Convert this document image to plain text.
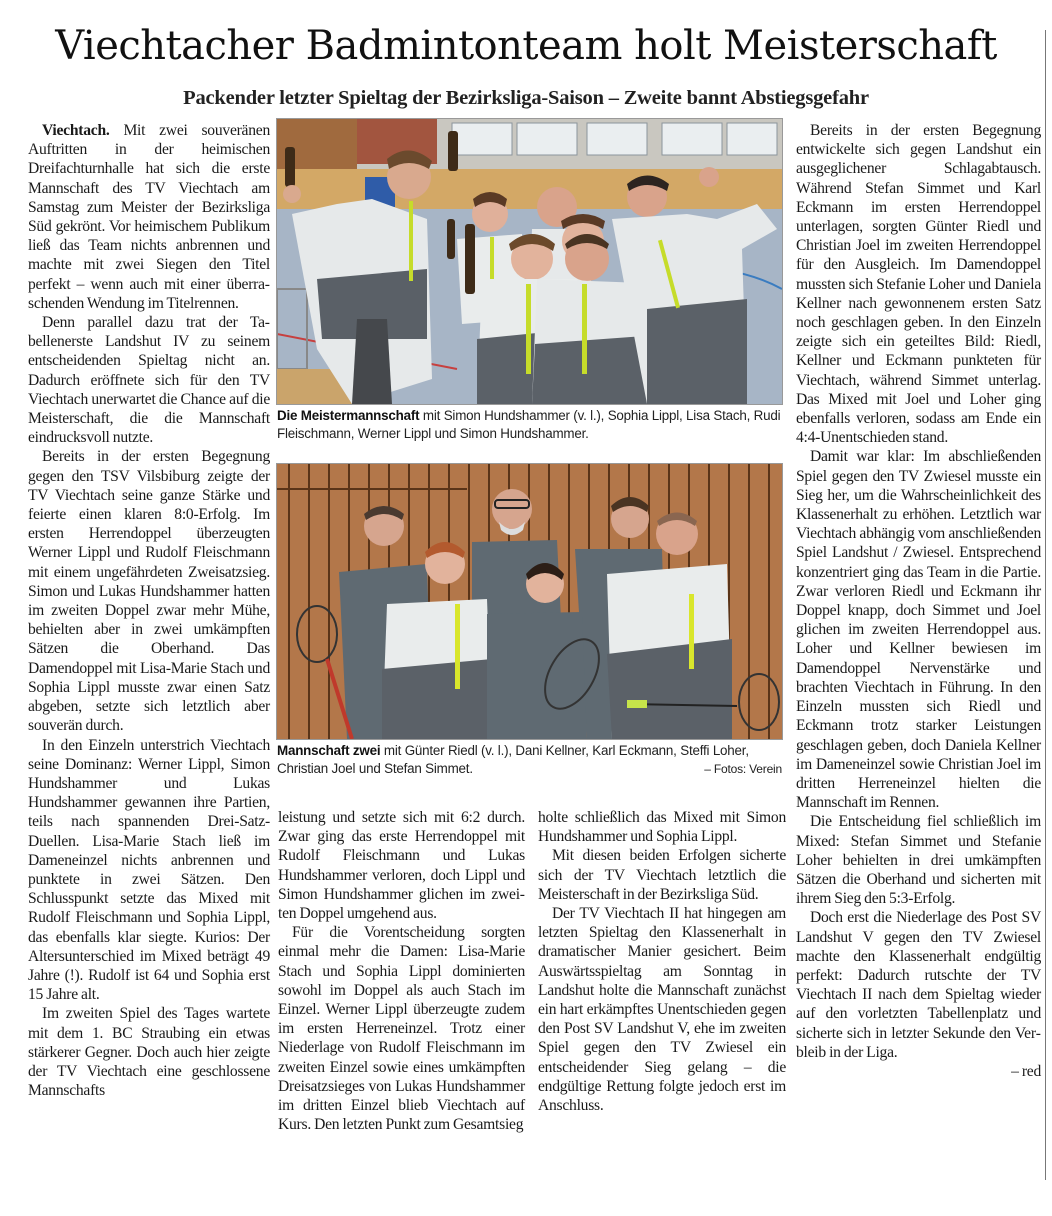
Viechtacher Badmintonteam holt Meisterschaft
Packender letzter Spieltag der Bezirksliga-Saison – Zweite bannt Abstiegsgefahr

Viechtach. Mit zwei souveränen Auftritten in der heimischen Dreifachturnhalle hat sich die erste Mannschaft des TV Viechtach am Samstag zum Meister der Bezirksliga Süd gekrönt. Vor heimischem Publikum ließ das Team nichts anbrennen und machte mit zwei Siegen den Titel perfekt – wenn auch mit einer überraschenden Wendung im Titelrennen.

Denn parallel dazu trat der Tabellenerste Landshut IV zu seinem entscheidenden Spieltag nicht an. Dadurch eröffnete sich für den TV Viechtach unerwartet die Chance auf die Meisterschaft, die die Mannschaft eindrucksvoll nutzte.

Bereits in der ersten Begegnung gegen den TSV Vilsbiburg zeigte der TV Viechtach seine ganze Stärke und feierte einen klaren 8:0-Erfolg. Im ersten Herrendoppel überzeugten Werner Lippl und Rudolf Fleischmann mit einem ungefährdeten Zweisatzsieg. Simon und Lukas Hundshammer hatten im zweiten Doppel zwar mehr Mühe, behielten aber in zwei umkämpften Sätzen die Oberhand. Das Damendoppel mit Lisa-Marie Stach und Sophia Lippl musste zwar einen Satz abgeben, setzte sich letztlich aber souverän durch.

In den Einzeln unterstrich Viechtach seine Dominanz: Werner Lippl, Simon Hundshammer und Lukas Hundshammer gewannen ihre Partien, teils nach spannenden Drei-Satz-Duellen. Lisa-Marie Stach ließ im Dameneinzel nichts anbrennen und punktete in zwei Sätzen. Den Schlusspunkt setzte das Mixed mit Rudolf Fleischmann und Sophia Lippl, das ebenfalls klar siegte. Kurios: Der Altersunterschied im Mixed beträgt 49 Jahre (!). Rudolf ist 64 und Sophia erst 15 Jahre alt.

Im zweiten Spiel des Tages wartete mit dem 1. BC Straubing ein etwas stärkerer Gegner. Doch auch hier zeigte der TV Viechtach eine geschlossene Mannschafts

Die Meistermannschaft mit Simon Hundshammer (v. l.), Sophia Lippl, Lisa Stach, Rudi Fleischmann, Werner Lippl und Simon Hundshammer.
Mannschaft zwei mit Günter Riedl (v. l.), Dani Kellner, Karl Eckmann, Steffi Loher, Christian Joel und Stefan Simmet.	– Fotos: Verein

leistung und setzte sich mit 6:2 durch. Zwar ging das erste Herrendoppel mit Rudolf Fleischmann und Lukas Hundshammer verloren, doch Lippl und Simon Hundshammer glichen im zweiten Doppel umgehend aus.

Für die Vorentscheidung sorgten einmal mehr die Damen: Lisa-Marie Stach und Sophia Lippl dominierten sowohl im Doppel als auch Stach im Einzel. Werner Lippl überzeugte zudem im ersten Herreneinzel. Trotz einer Niederlage von Rudolf Fleischmann im zweiten Einzel sowie eines umkämpften Dreisatzsieges von Lukas Hundshammer im dritten Einzel blieb Viechtach auf Kurs. Den letzten Punkt zum Gesamtsieg

holte schließlich das Mixed mit Simon Hundshammer und Sophia Lippl.

Mit diesen beiden Erfolgen sicherte sich der TV Viechtach letztlich die Meisterschaft in der Bezirksliga Süd.

Der TV Viechtach II hat hingegen am letzten Spieltag den Klassenerhalt in dramatischer Manier gesichert. Beim Auswärtsspieltag am Sonntag in Landshut holte die Mannschaft zunächst ein hart erkämpftes Unentschieden gegen den Post SV Landshut V, ehe im zweiten Spiel gegen den TV Zwiesel ein entscheidender Sieg gelang – die endgültige Rettung folgte jedoch erst im Anschluss.

Bereits in der ersten Begegnung entwickelte sich gegen Landshut ein ausgeglichener Schlagabtausch. Während Stefan Simmet und Karl Eckmann im ersten Herrendoppel unterlagen, sorgten Günter Riedl und Christian Joel im zweiten Herrendoppel für den Ausgleich. Im Damendoppel mussten sich Stefanie Loher und Daniela Kellner nach gewonnenem ersten Satz noch geschlagen geben. In den Einzeln zeigte sich ein geteiltes Bild: Riedl, Kellner und Eckmann punkteten für Viechtach, während Simmet unterlag. Das Mixed mit Joel und Loher ging ebenfalls verloren, sodass am Ende ein 4:4-Unentschieden stand.

Damit war klar: Im abschließenden Spiel gegen den TV Zwiesel musste ein Sieg her, um die Wahrscheinlichkeit des Klassenerhalt zu erhöhen. Letztlich war Viechtach abhängig vom anschließenden Spiel Landshut / Zwiesel. Entsprechend konzentriert ging das Team in die Partie. Zwar verloren Riedl und Eckmann ihr Doppel knapp, doch Simmet und Joel glichen im zweiten Herrendoppel aus. Loher und Kellner bewiesen im Damendoppel Nervenstärke und brachten Viechtach in Führung. In den Einzeln mussten sich Riedl und Eckmann trotz starker Leistungen geschlagen geben, doch Daniela Kellner im Dameneinzel sowie Christian Joel im dritten Herreneinzel hielten die Mannschaft im Rennen.

Die Entscheidung fiel schließlich im Mixed: Stefan Simmet und Stefanie Loher behielten in drei umkämpften Sätzen die Oberhand und sicherten mit ihrem Sieg den 5:3-Erfolg.

Doch erst die Niederlage des Post SV Landshut V gegen den TV Zwiesel machte den Klassenerhalt endgültig perfekt: Dadurch rutschte der TV Viechtach II nach dem Spieltag wieder auf den vorletzten Tabellenplatz und sicherte sich in letzter Sekunde den Verbleib in der Liga.

– red
